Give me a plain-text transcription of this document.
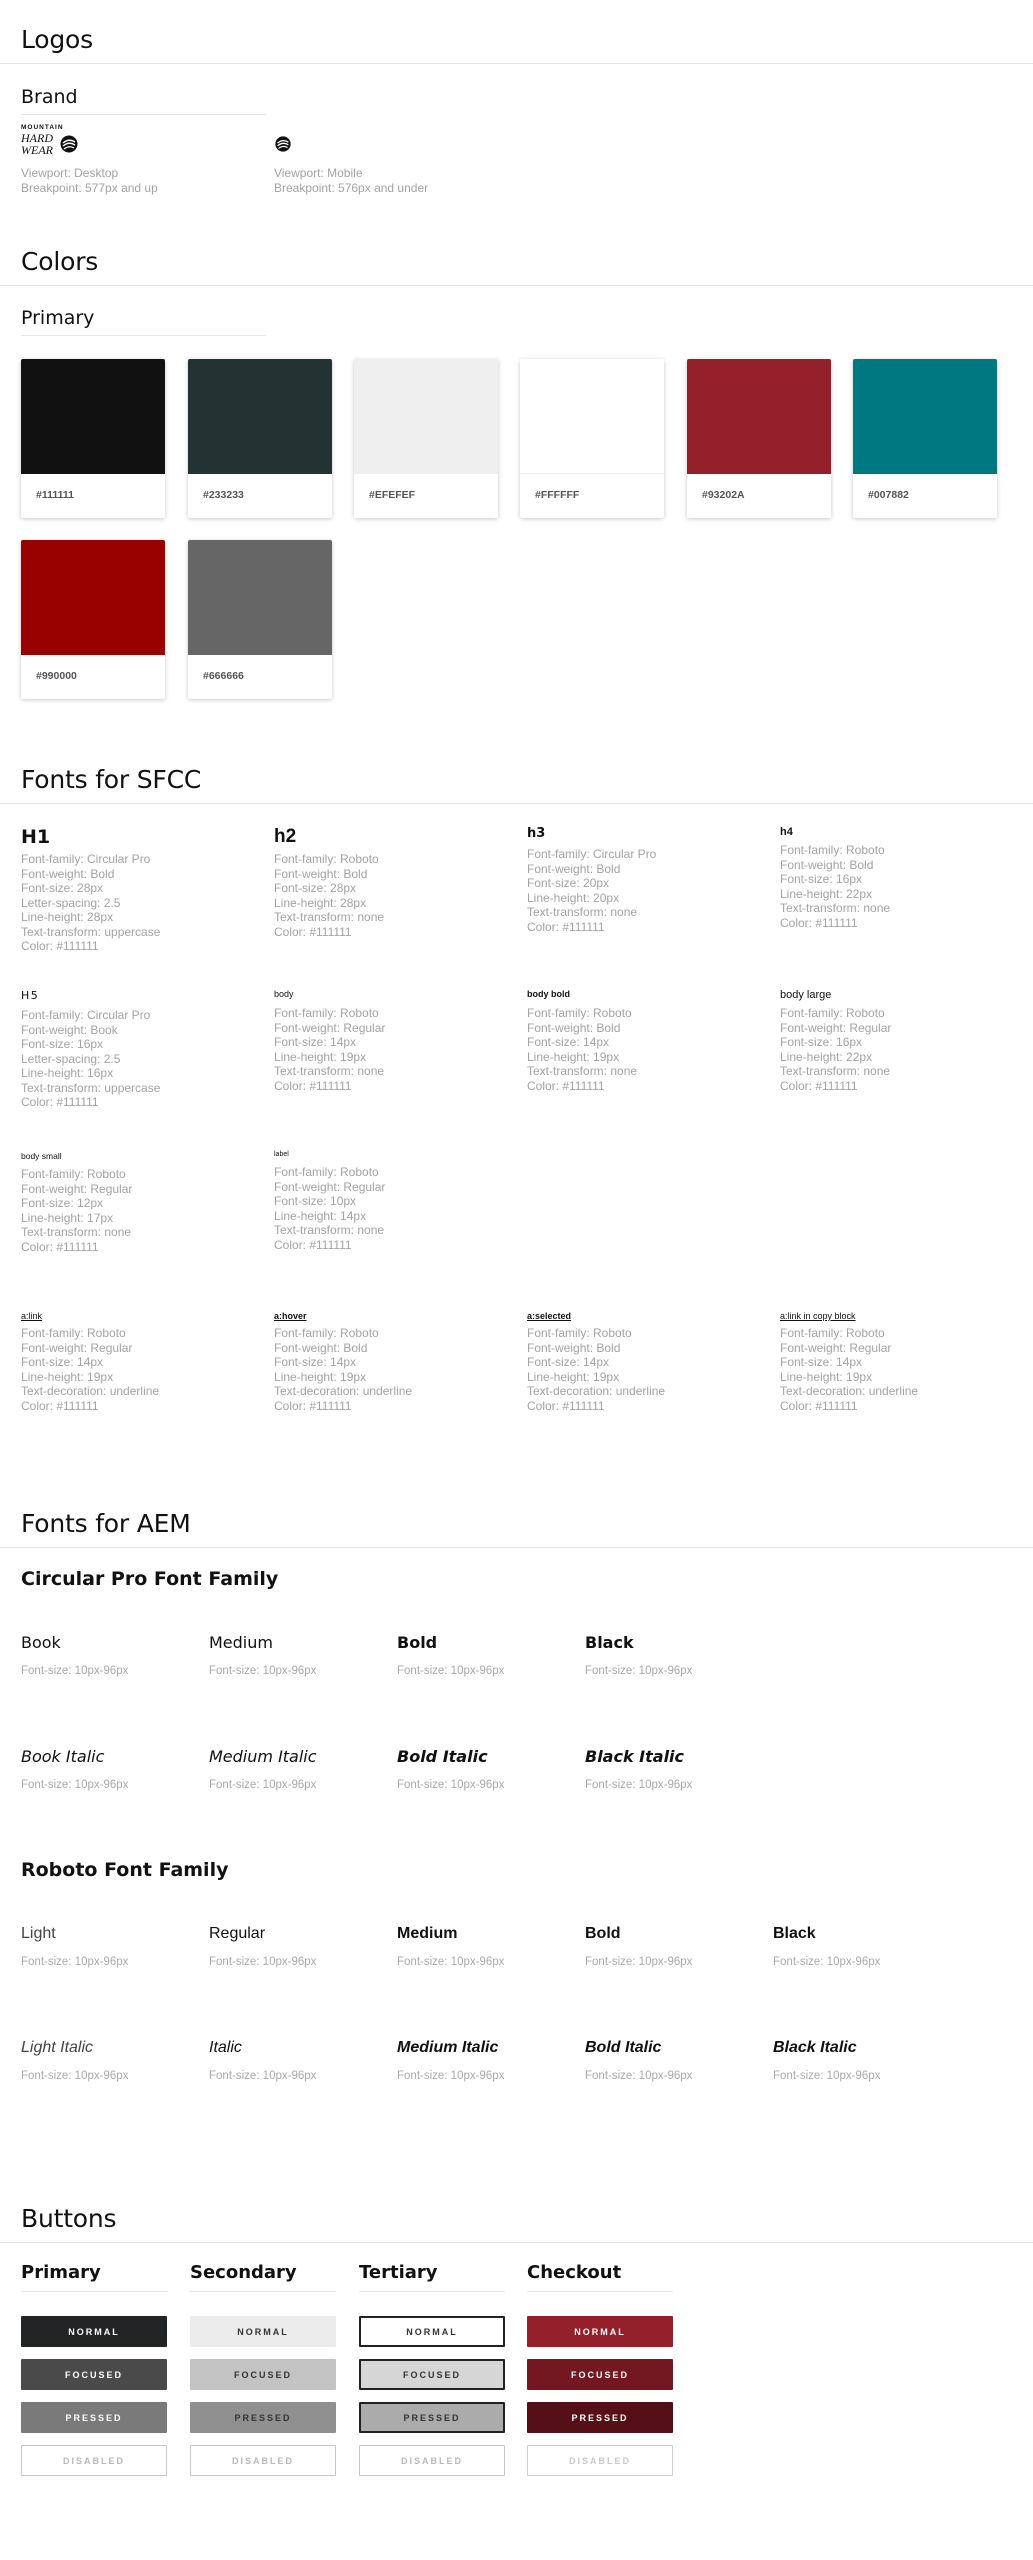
Logos
Brand
MOUNTAIN
HARD
WEAR
Viewport: Desktop
Breakpoint: 577px and up
Viewport: Mobile
Breakpoint: 576px and under
Colors
Primary
#111111	#233233	#EFEFEF	#FFFFFF	#93202A	#007882
#990000	#666666
Fonts for SFCC
H1
Font-family: Circular Pro
Font-weight: Bold
Font-size: 28px
Letter-spacing: 2.5
Line-height: 28px
Text-transform: uppercase
Color: #111111
h2
Font-family: Roboto
Font-weight: Bold
Font-size: 28px
Line-height: 28px
Text-transform: none
Color: #111111
h3
Font-family: Circular Pro
Font-weight: Bold
Font-size: 20px
Line-height: 20px
Text-transform: none
Color: #111111
h4
Font-family: Roboto
Font-weight: Bold
Font-size: 16px
Line-height: 22px
Text-transform: none
Color: #111111
H5
Font-family: Circular Pro
Font-weight: Book
Font-size: 16px
Letter-spacing: 2.5
Line-height: 16px
Text-transform: uppercase
Color: #111111
body
Font-family: Roboto
Font-weight: Regular
Font-size: 14px
Line-height: 19px
Text-transform: none
Color: #111111
body bold
Font-family: Roboto
Font-weight: Bold
Font-size: 14px
Line-height: 19px
Text-transform: none
Color: #111111
body large
Font-family: Roboto
Font-weight: Regular
Font-size: 16px
Line-height: 22px
Text-transform: none
Color: #111111
body small
Font-family: Roboto
Font-weight: Regular
Font-size: 12px
Line-height: 17px
Text-transform: none
Color: #111111
label
Font-family: Roboto
Font-weight: Regular
Font-size: 10px
Line-height: 14px
Text-transform: none
Color: #111111
a:link
Font-family: Roboto
Font-weight: Regular
Font-size: 14px
Line-height: 19px
Text-decoration: underline
Color: #111111
a:hover
Font-family: Roboto
Font-weight: Bold
Font-size: 14px
Line-height: 19px
Text-decoration: underline
Color: #111111
a:selected
Font-family: Roboto
Font-weight: Bold
Font-size: 14px
Line-height: 19px
Text-decoration: underline
Color: #111111
a:link in copy block
Font-family: Roboto
Font-weight: Regular
Font-size: 14px
Line-height: 19px
Text-decoration: underline
Color: #111111
Fonts for AEM
Circular Pro Font Family
Book
Font-size: 10px-96px
Medium
Font-size: 10px-96px
Bold
Font-size: 10px-96px
Black
Font-size: 10px-96px
Book Italic
Font-size: 10px-96px
Medium Italic
Font-size: 10px-96px
Bold Italic
Font-size: 10px-96px
Black Italic
Font-size: 10px-96px
Roboto Font Family
Light
Font-size: 10px-96px
Regular
Font-size: 10px-96px
Medium
Font-size: 10px-96px
Bold
Font-size: 10px-96px
Black
Font-size: 10px-96px
Light Italic
Font-size: 10px-96px
Italic
Font-size: 10px-96px
Medium Italic
Font-size: 10px-96px
Bold Italic
Font-size: 10px-96px
Black Italic
Font-size: 10px-96px
Buttons
Primary
NORMAL
FOCUSED
PRESSED
DISABLED
Secondary
NORMAL
FOCUSED
PRESSED
DISABLED
Tertiary
NORMAL
FOCUSED
PRESSED
DISABLED
Checkout
NORMAL
FOCUSED
PRESSED
DISABLED
